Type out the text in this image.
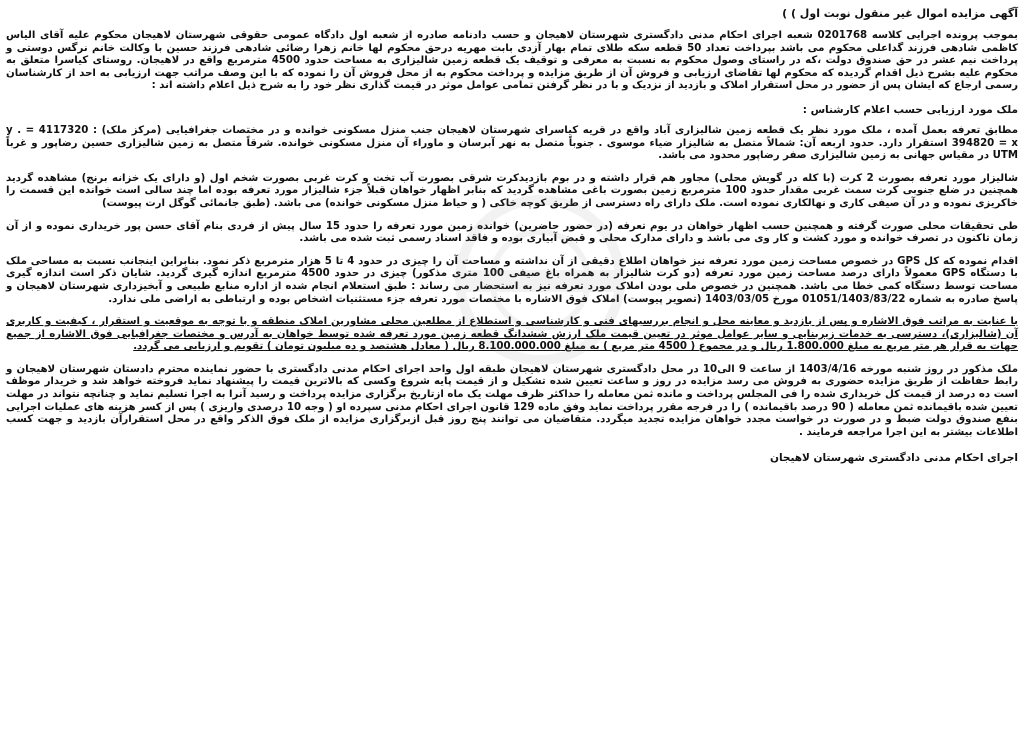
آگهی مزایده اموال غیر منقول نوبت اول ) )
بموجب پرونده اجرایی کلاسه 0201768 شعبه اجرای احکام مدنی دادگستری شهرستان لاهیجان و حسب دادنامه صادره از شعبه اول دادگاه عمومی حقوقی شهرستان لاهیجان محکوم علیه آقای الیاس کاظمی شادهی فرزند گداعلی محکوم می باشد بپرداخت تعداد 50 قطعه سکه طلای تمام بهار آزدی بابت مهریه درحق محکوم لها خانم زهرا رضائی شادهی فرزند حسین با وکالت خانم نرگس دوستی و پرداخت نیم عشر در حق صندوق دولت ،که در راستای وصول محکوم به نسبت به معرفی و توقیف یک قطعه زمین شالیزاری به مساحت حدود 4500 مترمربع واقع در لاهیجان. روستای کیاسرا متعلق به محکوم علیه بشرح ذیل اقدام گردیده که محکوم لها تقاضای ارزیابی و فروش آن از طریق مزایده و پرداخت محکوم به از محل فروش آن را نموده که با این وصف مراتب جهت ارزیابی به احد از کارشناسان رسمی ارجاع که ایشان پس از حضور در محل استقرار املاک و بازدید از نزدیک و با در نظر گرفتن تمامی عوامل موثر در قیمت گذاری نظر خود را به شرح ذیل اعلام داشته اند :
ملک مورد ارزیابی حسب اعلام کارشناس :
مطابق تعرفه بعمل آمده ، ملک مورد نظر یک قطعه زمین شالیزاری آباد واقع در قریه کیاسرای شهرستان لاهیجان جنب منزل مسکونی خوانده و در مختصات جغرافیایی (مرکز ملک) : 4117320 = y . 394820 = x استقرار دارد. حدود اربعه آن: شمالاً متصل به شالیزار ضیاء موسوی . جنوباً متصل به نهر آبرسان و ماوراء آن منزل مسکونی خوانده. شرقاً متصل به زمین شالیزاری حسین رضاپور و غرباً UTM در مقیاس جهانی به زمین شالیزاری صفر رضاپور محدود می باشد.
شالیزار مورد تعرفه بصورت 2 کرت (با کله در گویش محلی) مجاور هم قرار داشته و در بوم بازدیدکرت شرقی بصورت آب تخت و کرت غربی بصورت شخم اول (و دارای یک خزانه برنج) مشاهده گردید همچنین در ضلع جنوبی کرت سمت غربی مقدار حدود 100 مترمربع زمین بصورت باغی مشاهده گردید که بنابر اظهار خواهان قبلاً جزء شالیزار مورد تعرفه بوده اما چند سالی است خوانده این قسمت را خاکریزی نموده و در آن صیفی کاری و نهالکاری نموده است. ملک دارای راه دسترسی از طریق کوچه خاکی ( و حیاط منزل مسکونی خوانده) می باشد. (طبق جانمائی گوگل ارت پیوست)
طی تحقیقات محلی صورت گرفته و همچنین حسب اظهار خواهان در یوم تعرفه (در حضور حاضرین) خوانده زمین مورد تعرفه را حدود 15 سال پیش از فردی بنام آقای حسن پور خریداری نموده و از آن زمان تاکنون در تصرف خوانده و مورد کشت و کار وی می باشد و دارای مدارک محلی و قبض آبیاری بوده و فاقد اسناد رسمی ثبت شده می باشد.
اقدام نموده که کل GPS در خصوص مساحت زمین مورد تعرفه نیز خواهان اطلاع دقیقی از آن نداشته و مساحت آن را چیزی در حدود 4 تا 5 هزار مترمربع ذکر نمود. بنابراین اینجانب نسبت به مساحی ملک با دستگاه GPS معمولاً دارای درصد مساحت زمین مورد تعرفه (دو کرت شالیزار به همراه باغ صیفی 100 متری مذکور) چیزی در حدود 4500 مترمربع اندازه گیری گردید. شایان ذکر است اندازه گیری مساحت توسط دستگاه کمی خطا می باشد. همچنین در خصوص ملی بودن املاک مورد تعرفه نیز به استحضار می رساند : طبق استعلام انجام شده از اداره منابع طبیعی و آبخیزداری شهرستان لاهیجان و پاسخ صادره به شماره 01051/1403/83/22 مورخ 1403/03/05 (تصویر پیوست) املاک فوق الاشاره با مختصات مورد تعرفه جزء مستثنیات اشخاص بوده و ارتباطی به اراضی ملی ندارد.
با عنایت به مراتب فوق الاشاره و پس از بازدید و معاینه محل و انجام بررسیهای فنی و کارشناسی و استطلاع از مطلعین محلی مشاورین املاک منطقه و با توجه به موقعیت و استقرار ، کیفیت و کاربری آن (شالیزاری)، دسترسی به خدمات زیربنایی و سایر عوامل موثر در تعیین قیمت ملک ارزش ششدانگ قطعه زمین مورد تعرفه شده توسط خواهان به آدرس و مختصات جغرافیایی فوق الاشاره از جمیع جهات به قرار هر متر مربع به مبلغ 1.800.000 ریال و در مجموع ( 4500 متر مربع ) به مبلغ 8.100.000.000 ریال ( معادل هشتصد و ده میلیون تومان ) تقویم و ارزیابی می گردد.
ملک مذکور در روز شنبه مورخه 1403/4/16 از ساعت 9 الی10 در محل دادگستری شهرستان لاهیجان طبقه اول واحد اجرای احکام مدنی دادگستری با حضور نماینده محترم دادستان شهرستان لاهیجان و رابط حفاظت از طریق مزایده حضوری به فروش می رسد مزایده در روز و ساعت تعیین شده تشکیل و از قیمت پایه شروع وکسی که بالاترین قیمت را پیشنهاد نماید فروخته خواهد شد و خریدار موظف است ده درصد از قیمت کل خریداری شده را فی المجلس پرداخت و مانده ثمن معامله را حداکثر ظرف مهلت یک ماه ازتاریخ برگزاری مزایده پرداخت و رسید آنرا به اجرا تسلیم نماید و چنانچه نتواند در مهلت تعیین شده باقیمانده ثمن معامله ( 90 درصد باقیمانده ) را در فرجه مقرر پرداخت نماید وفق ماده 129 قانون اجرای احکام مدنی سپرده او ( وجه 10 درصدی واریزی ) پس از کسر هزینه های عملیات اجرایی بنفع صندوق دولت ضبط و در صورت در خواست مجدد خواهان مزایده تجدید میگردد. متقاضیان می توانند پنج روز قبل ازبرگزاری مزایده از ملک فوق الذکر واقع در محل استقرارآن بازدید و جهت کسب اطلاعات بیشتر به این اجرا مراجعه فرمایند .
اجرای احکام مدنی دادگستری شهرستان لاهیجان
